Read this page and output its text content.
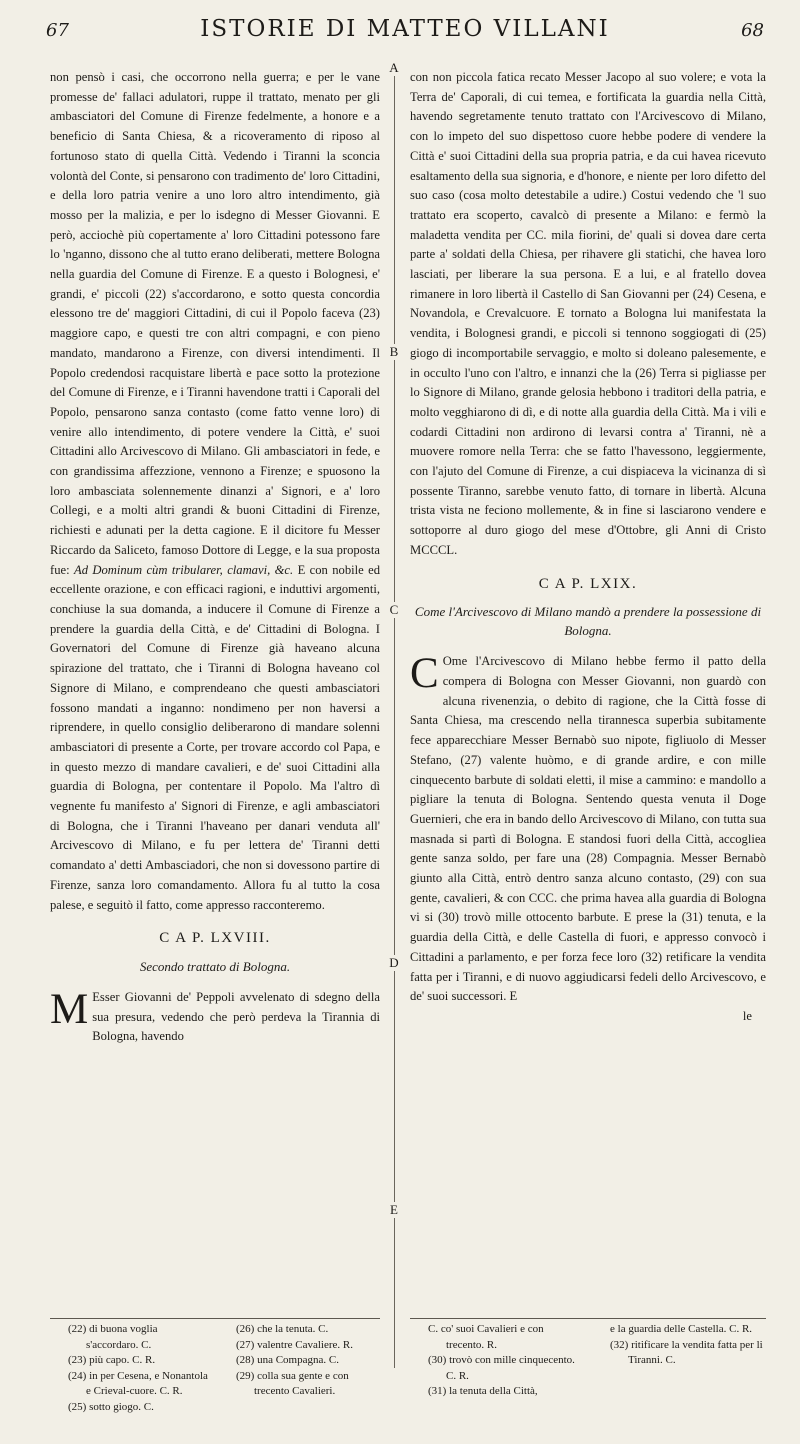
67	ISTORIE DI MATTEO VILLANI	68
A
B
C
D
E

non pensò i casi, che occorrono nella guerra; e per le vane promesse de' fallaci adulatori, ruppe il trattato, menato per gli ambasciatori del Comune di Firenze fedelmente, a honore e a beneficio di Santa Chiesa, & a ricoveramento di riposo al fortunoso stato di quella Città. Vedendo i Tiranni la sconcia volontà del Conte, si pensarono con tradimento de' loro Cittadini, e della loro patria venire a uno loro altro intendimento, già mosso per la malizia, e per lo isdegno di Messer Giovanni. E però, acciochè più copertamente a' loro Cittadini potessono fare lo 'nganno, dissono che al tutto erano deliberati, mettere Bologna nella guardia del Comune di Firenze. E a questo i Bolognesi, e' grandi, e' piccoli (22) s'accordarono, e sotto questa concordia elessono tre de' maggiori Cittadini, di cui il Popolo faceva (23) maggiore capo, e questi tre con altri compagni, e con pieno mandato, mandarono a Firenze, con diversi intendimenti. Il Popolo credendosi racquistare libertà e pace sotto la protezione del Comune di Firenze, e i Tiranni havendone tratti i Caporali del Popolo, pensarono sanza contasto (come fatto venne loro) di venire allo intendimento, di potere vendere la Città, e' suoi Cittadini allo Arcivescovo di Milano. Gli ambasciatori in fede, e con grandissima affezzione, vennono a Firenze; e spuosono la loro ambasciata solennemente dinanzi a' Signori, e a' loro Collegi, e a molti altri grandi & buoni Cittadini di Firenze, richiesti e adunati per la detta cagione. E il dicitore fu Messer Riccardo da Saliceto, famoso Dottore di Legge, e la sua proposta fue: Ad Dominum cùm tribularer, clamavi, &c. E con nobile ed eccellente orazione, e con efficaci ragioni, e induttivi argomenti, conchiuse la sua domanda, a inducere il Comune di Firenze a prendere la guardia della Città, e de' Cittadini di Bologna. I Governatori del Comune di Firenze già haveano alcuna spirazione del trattato, che i Tiranni di Bologna haveano col Signore di Milano, e comprendeano che questi ambasciatori fossono mandati a inganno: nondimeno per non haversi a riprendere, in quello consiglio deliberarono di mandare solenni ambasciatori di presente a Corte, per trovare accordo col Papa, e in questo mezzo di mandare cavalieri, e de' suoi Cittadini alla guardia di Bologna, per contentare il Popolo. Ma l'altro dì vegnente fu manifesto a' Signori di Firenze, e agli ambasciatori di Bologna, che i Tiranni l'haveano per danari venduta all' Arcivescovo di Milano, e fu per lettera de' Tiranni detti comandato a' detti Ambasciadori, che non si dovessono partire di Firenze, sanza loro comandamento. Allora fu al tutto la cosa palese, e seguitò il fatto, come appresso racconteremo.

C A P. LXVIII.
Secondo trattato di Bologna.

M Esser Giovanni de' Peppoli avvelenato di sdegno della sua presura, vedendo che però perdeva la Tirannia di Bologna, havendo

con non piccola fatica recato Messer Jacopo al suo volere; e vota la Terra de' Caporali, di cui temea, e fortificata la guardia nella Città, havendo segretamente tenuto trattato con l'Arcivescovo di Milano, con lo impeto del suo dispettoso cuore hebbe podere di vendere la Città e' suoi Cittadini della sua propria patria, e da cui havea ricevuto esaltamento della sua signoria, e d'honore, e niente per loro difetto del suo caso (cosa molto detestabile a udire.) Costui vedendo che 'l suo trattato era scoperto, cavalcò di presente a Milano: e fermò la maladetta vendita per CC. mila fiorini, de' quali si dovea dare certa parte a' soldati della Chiesa, per rihavere gli statichi, che havea loro lasciati, per liberare la sua persona. E a lui, e al fratello dovea rimanere in loro libertà il Castello di San Giovanni per (24) Cesena, e Novandola, e Crevalcuore. E tornato a Bologna lui manifestata la vendita, i Bolognesi grandi, e piccoli si tennono soggiogati di (25) giogo di incomportabile servaggio, e molto si doleano palesemente, e in occulto l'uno con l'altro, e innanzi che la (26) Terra si pigliasse per lo Signore di Milano, grande gelosia hebbono i traditori della patria, e molto vegghiarono di dì, e di notte alla guardia della Città. Ma i vili e codardi Cittadini non ardirono di levarsi contra a' Tiranni, nè a muovere romore nella Terra: che se fatto l'havessono, leggiermente, con l'ajuto del Comune di Firenze, a cui dispiaceva la vicinanza di sì possente Tiranno, sarebbe venuto fatto, di tornare in libertà. Alcuna trista vista ne feciono mollemente, & in fine si lasciarono vendere e sottoporre al duro giogo del mese d'Ottobre, gli Anni di Cristo MCCCL.

C A P. LXIX.
Come l'Arcivescovo di Milano mandò a prendere la possessione di Bologna.

C Ome l'Arcivescovo di Milano hebbe fermo il patto della compera di Bologna con Messer Giovanni, non guardò con alcuna rivenenzia, o debito di ragione, che la Città fosse di Santa Chiesa, ma crescendo nella tirannesca superbia subitamente fece apparecchiare Messer Bernabò suo nipote, figliuolo di Messer Stefano, (27) valente huòmo, e di grande ardire, e con mille cinquecento barbute di soldati eletti, il mise a cammino: e mandollo a pigliare la tenuta di Bologna. Sentendo questa venuta il Doge Guernieri, che era in bando dello Arcivescovo di Milano, con tutta sua masnada si partì di Bologna. E standosi fuori della Città, accogliea gente sanza soldo, per fare una (28) Compagnia. Messer Bernabò giunto alla Città, entrò dentro sanza alcuno contasto, (29) con sua gente, cavalieri, & con CCC. che prima havea alla guardia di Bologna vi si (30) trovò mille ottocento barbute. E prese la (31) tenuta, e la guardia della Città, e delle Castella di fuori, e appresso convocò i Cittadini a parlamento, e per forza fece loro (32) retificare la vendita fatta per i Tiranni, e di nuovo aggiudicarsi fedeli dello Arcivescovo, e de' suoi successori. E

le
(22) di buona voglia s'accordaro. C.
(23) più capo. C. R.
(24) in per Cesena, e Nonantola e Crieval-cuore. C. R.
(25) sotto giogo. C.
(26) che la tenuta. C.
(27) valentre Cavaliere. R.
(28) una Compagna. C.
(29) colla sua gente e con trecento Cavalieri.
C. co' suoi Cavalieri e con trecento. R.
(30) trovò con mille cinquecento. C. R.
(31) la tenuta della Città,
e la guardia delle Castella. C. R.
(32) ritificare la vendita fatta per li Tiranni. C.
